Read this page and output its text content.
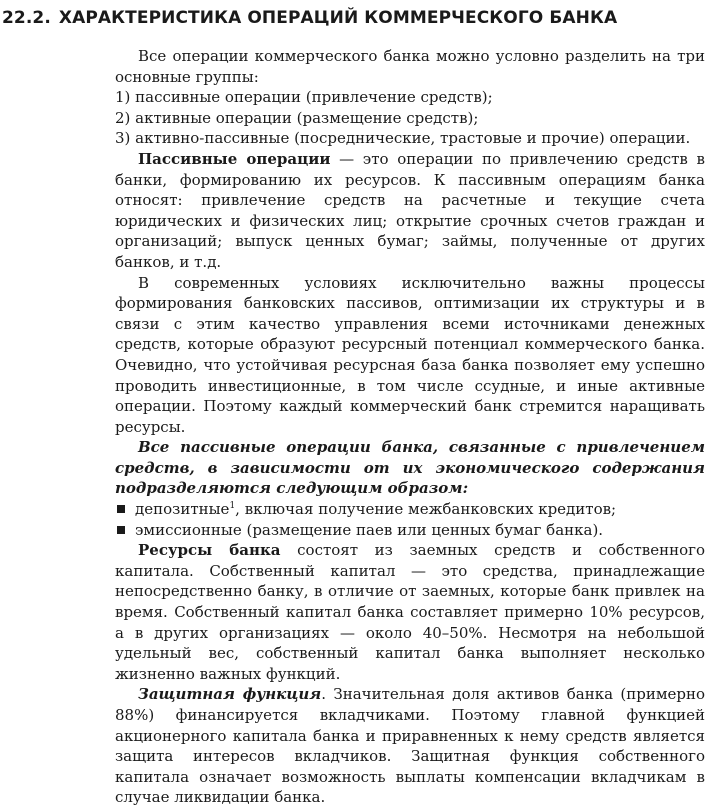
22.2. ХАРАКТЕРИСТИКА ОПЕРАЦИЙ КОММЕРЧЕСКОГО БАНКА

Все операции коммерческого банка можно условно разделить на три основные группы:

1) пассивные операции (привлечение средств);

2) активные операции (размещение средств);

3) активно-пассивные (посреднические, трастовые и прочие) операции.

Пассивные операции — это операции по привлечению средств в банки, формированию их ресурсов. К пассивным операциям банка относят: привлечение средств на расчетные и текущие счета юридических и физических лиц; открытие срочных счетов граждан и организаций; выпуск ценных бумаг; займы, полученные от других банков, и т.д.

В современных условиях исключительно важны процессы формирования банковских пассивов, оптимизации их структуры и в связи с этим качество управления всеми источниками денежных средств, которые образуют ресурсный потенциал коммерческого банка. Очевидно, что устойчивая ресурсная база банка позволяет ему успешно проводить инвестиционные, в том числе ссудные, и иные активные операции. Поэтому каждый коммерческий банк стремится наращивать ресурсы.

Все пассивные операции банка, связанные с привлечением средств, в зависимости от их экономического содержания подразделяются следующим образом:

депозитные$^1$, включая получение межбанковских кредитов;
эмиссионные (размещение паев или ценных бумаг банка).

Ресурсы банка состоят из заемных средств и собственного капитала. Собственный капитал — это средства, принадлежащие непосредственно банку, в отличие от заемных, которые банк привлек на время. Собственный капитал банка составляет примерно 10% ресурсов, а в других организациях — около 40–50%. Несмотря на небольшой удельный вес, собственный капитал банка выполняет несколько жизненно важных функций.

Защитная функция. Значительная доля активов банка (примерно 88%) финансируется вкладчиками. Поэтому главной функцией акционерного капитала банка и приравненных к нему средств является защита интересов вкладчиков. Защитная функция собственного капитала означает возможность выплаты компенсации вкладчикам в случае ликвидации банка.
